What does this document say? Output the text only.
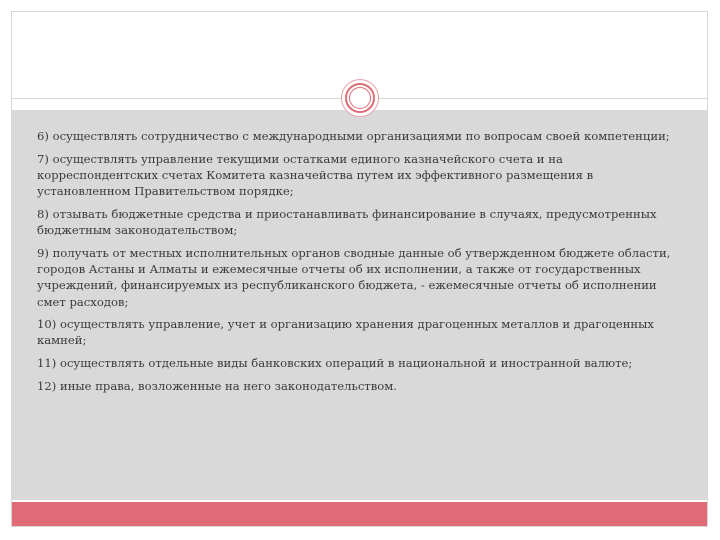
6) осуществлять сотрудничество с международными организациями по вопросам своей компетенции;

7) осуществлять управление текущими остатками единого казначейского счета и на корреспондентских счетах Комитета казначейства путем их эффективного размещения в установленном Правительством порядке;

8) отзывать бюджетные средства и приостанавливать финансирование в случаях, предусмотренных бюджетным законодательством;

9) получать от местных исполнительных органов сводные данные об утвержденном бюджете области, городов Астаны и Алматы и ежемесячные отчеты об их исполнении, а также от государственных учреждений, финансируемых из республиканского бюджета, - ежемесячные отчеты об исполнении смет расходов;

10) осуществлять управление, учет и организацию хранения драгоценных металлов и драгоценных камней;

11) осуществлять отдельные виды банковских операций в национальной и иностранной валюте;

12) иные права, возложенные на него законодательством.
